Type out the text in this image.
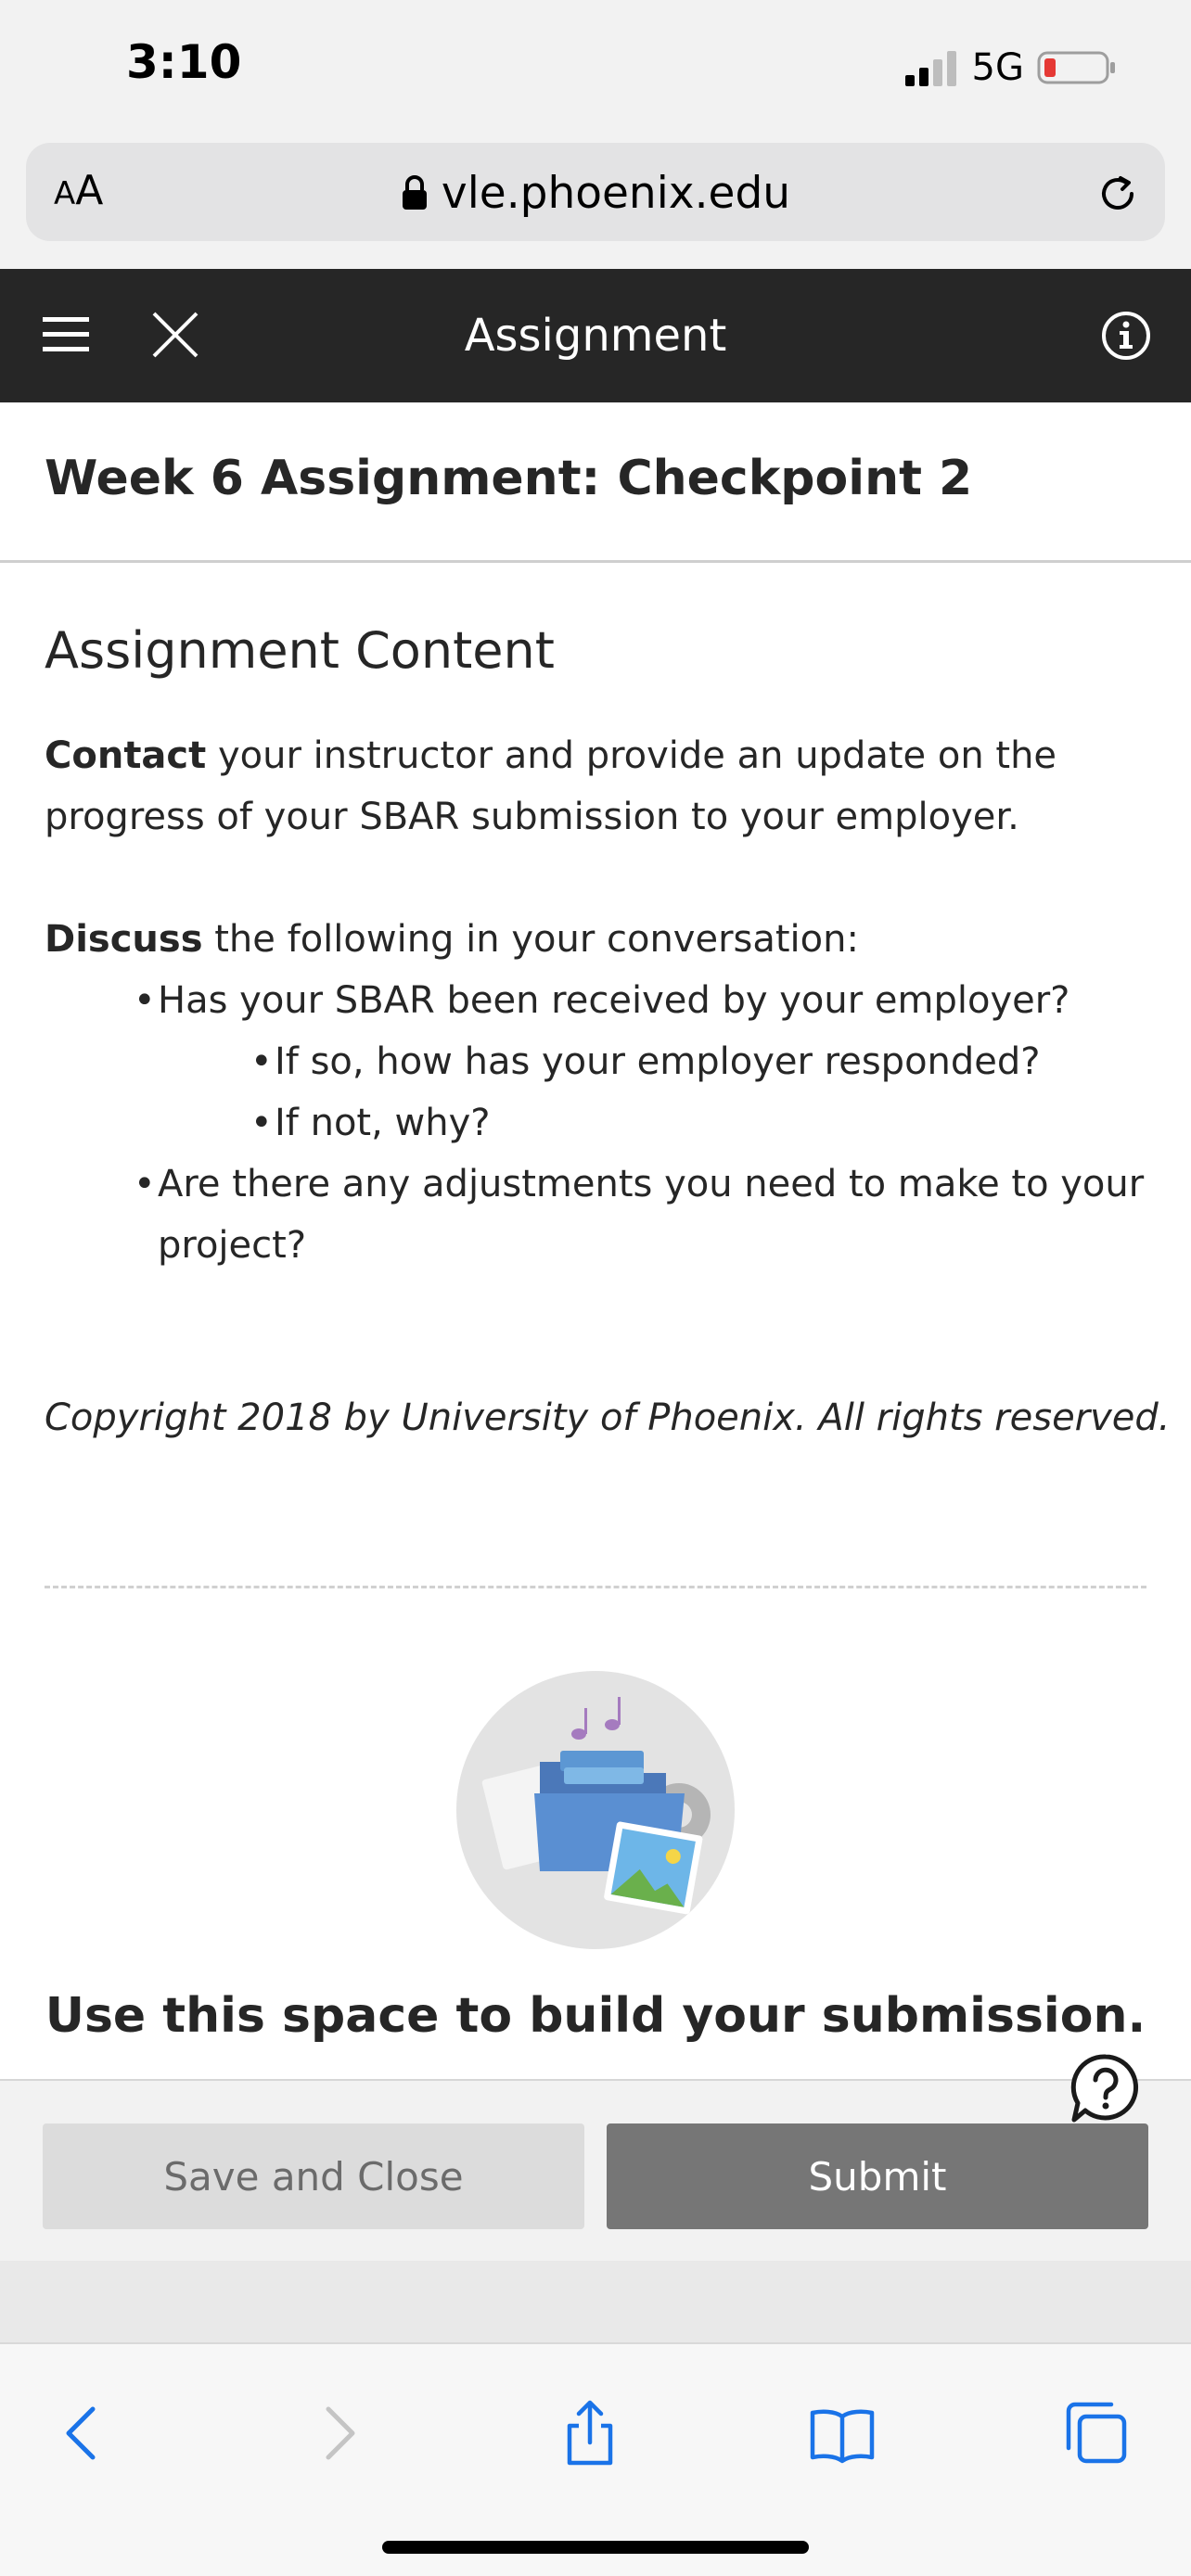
3:10	5G
AA	vle.phoenix.edu
Assignment
Week 6 Assignment: Checkpoint 2
Assignment Content
Contact your instructor and provide an update on the
progress of your SBAR submission to your employer.
Discuss the following in your conversation:
•Has your SBAR been received by your employer?
•If so, how has your employer responded?
•If not, why?
•Are there any adjustments you need to make to your
project?
Copyright 2018 by University of Phoenix. All rights reserved.
Use this space to build your submission.
Save and Close	Submit
